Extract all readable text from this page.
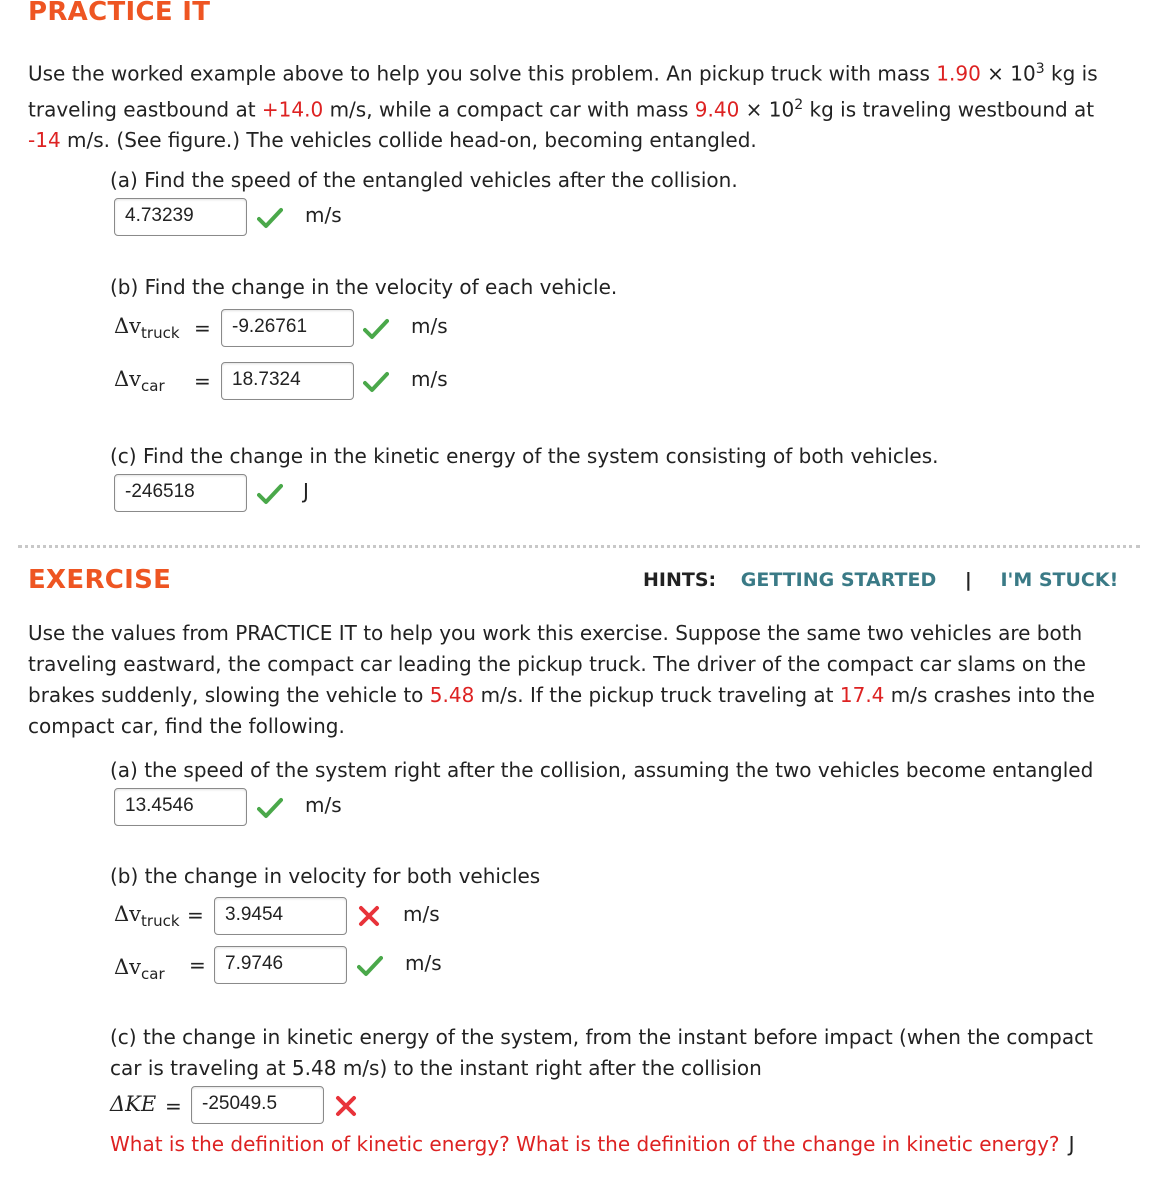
PRACTICE IT
Use the worked example above to help you solve this problem. An pickup truck with mass $1.90 \times 10^3$ kg is traveling eastbound at +14.0 m/s, while a compact car with mass $9.40 \times 10^2$ kg is traveling westbound at -14 m/s. (See figure.) The vehicles collide head-on, becoming entangled.
(a) Find the speed of the entangled vehicles after the collision.
4.73239	m/s
(b) Find the change in the velocity of each vehicle.
$\Delta v_{truck}$ =	-9.26761	m/s
$\Delta v_{car}$ =	18.7324	m/s
(c) Find the change in the kinetic energy of the system consisting of both vehicles.
-246518	J
EXERCISE	HINTS: GETTING STARTED | I'M STUCK!
Use the values from PRACTICE IT to help you work this exercise. Suppose the same two vehicles are both traveling eastward, the compact car leading the pickup truck. The driver of the compact car slams on the brakes suddenly, slowing the vehicle to 5.48 m/s. If the pickup truck traveling at 17.4 m/s crashes into the compact car, find the following.
(a) the speed of the system right after the collision, assuming the two vehicles become entangled
13.4546	m/s
(b) the change in velocity for both vehicles
$\Delta v_{truck}$ =	3.9454	m/s
$\Delta v_{car}$ =	7.9746	m/s
(c) the change in kinetic energy of the system, from the instant before impact (when the compact
car is traveling at 5.48 m/s) to the instant right after the collision
ΔKE =	-25049.5
What is the definition of kinetic energy? What is the definition of the change in kinetic energy? J
